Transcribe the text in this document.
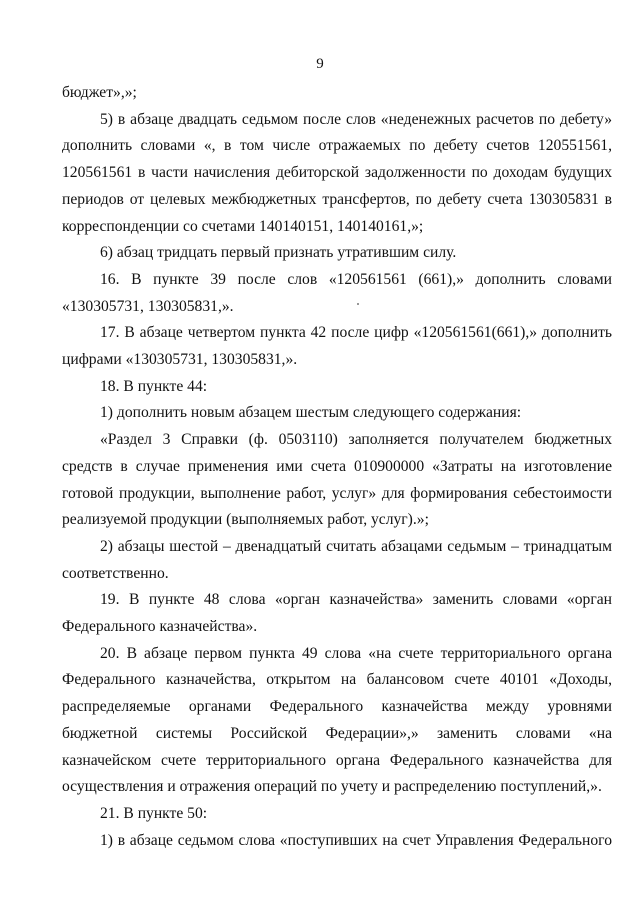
9

бюджет»,»;

5) в абзаце двадцать седьмом после слов «неденежных расчетов по дебету» дополнить словами «, в том числе отражаемых по дебету счетов 120551561, 120561561 в части начисления дебиторской задолженности по доходам будущих периодов от целевых межбюджетных трансфертов, по дебету счета 130305831 в корреспонденции со счетами 140140151, 140140161,»;

6) абзац тридцать первый признать утратившим силу.

16. В пункте 39 после слов «120561561 (661),» дополнить словами «130305731, 130305831,».

17. В абзаце четвертом пункта 42 после цифр «120561561(661),» дополнить цифрами «130305731, 130305831,».

18. В пункте 44:

1) дополнить новым абзацем шестым следующего содержания:

«Раздел 3 Справки (ф. 0503110) заполняется получателем бюджетных средств в случае применения ими счета 010900000 «Затраты на изготовление готовой продукции, выполнение работ, услуг» для формирования себестоимости реализуемой продукции (выполняемых работ, услуг).»;

2) абзацы шестой – двенадцатый считать абзацами седьмым – тринадцатым соответственно.

19. В пункте 48 слова «орган казначейства» заменить словами «орган Федерального казначейства».

20. В абзаце первом пункта 49 слова «на счете территориального органа Федерального казначейства, открытом на балансовом счете 40101 «Доходы, распределяемые органами Федерального казначейства между уровнями бюджетной системы Российской Федерации»,» заменить словами «на казначейском счете территориального органа Федерального казначейства для осуществления и отражения операций по учету и распределению поступлений,».

21. В пункте 50:

1) в абзаце седьмом слова «поступивших на счет Управления Федерального
